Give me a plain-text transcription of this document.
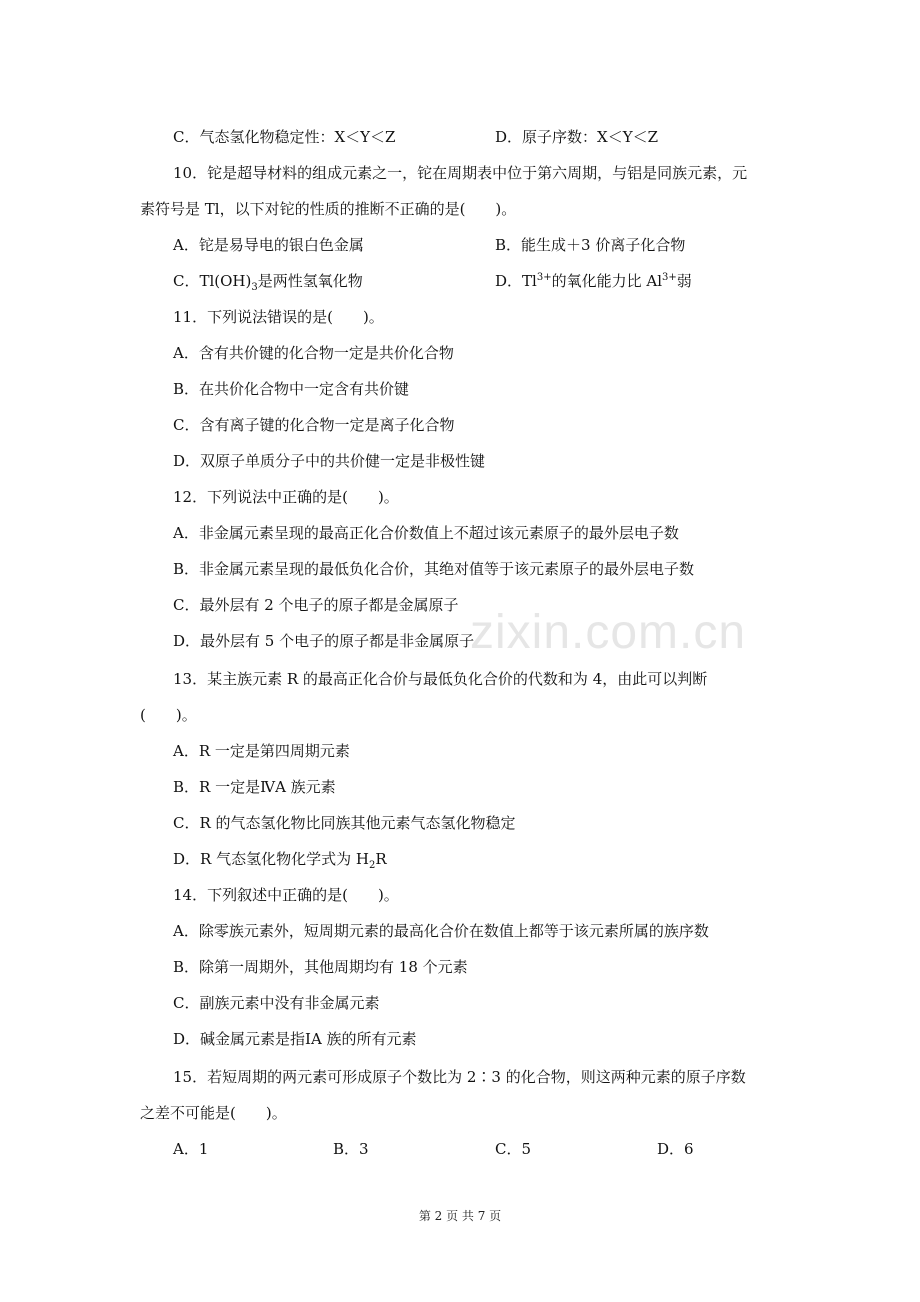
zixin.com.cn
C．气态氢化物稳定性：X＜Y＜Z	D．原子序数：X＜Y＜Z
10．铊是超导材料的组成元素之一，铊在周期表中位于第六周期，与铝是同族元素，元
素符号是 Tl，以下对铊的性质的推断不正确的是(　　)。
A．铊是易导电的银白色金属	B．能生成＋3 价离子化合物
C．$Tl(OH)_3$是两性氢氧化物	D．$Tl^{3+}$的氧化能力比 $Al^{3+}$弱
11．下列说法错误的是(　　)。
A．含有共价键的化合物一定是共价化合物
B．在共价化合物中一定含有共价键
C．含有离子键的化合物一定是离子化合物
D．双原子单质分子中的共价健一定是非极性键
12．下列说法中正确的是(　　)。
A．非金属元素呈现的最高正化合价数值上不超过该元素原子的最外层电子数
B．非金属元素呈现的最低负化合价，其绝对值等于该元素原子的最外层电子数
C．最外层有 2 个电子的原子都是金属原子
D．最外层有 5 个电子的原子都是非金属原子
13．某主族元素 R 的最高正化合价与最低负化合价的代数和为 4，由此可以判断
(　　)。
A．R 一定是第四周期元素
B．R 一定是ⅣA 族元素
C．R 的气态氢化物比同族其他元素气态氢化物稳定
D．R 气态氢化物化学式为 $H_2R$
14．下列叙述中正确的是(　　)。
A．除零族元素外，短周期元素的最高化合价在数值上都等于该元素所属的族序数
B．除第一周期外，其他周期均有 18 个元素
C．副族元素中没有非金属元素
D．碱金属元素是指ⅠA 族的所有元素
15．若短周期的两元素可形成原子个数比为 2∶3 的化合物，则这两种元素的原子序数
之差不可能是(　　)。
A．1	B．3	C．5	D．6
第 2 页 共 7 页
